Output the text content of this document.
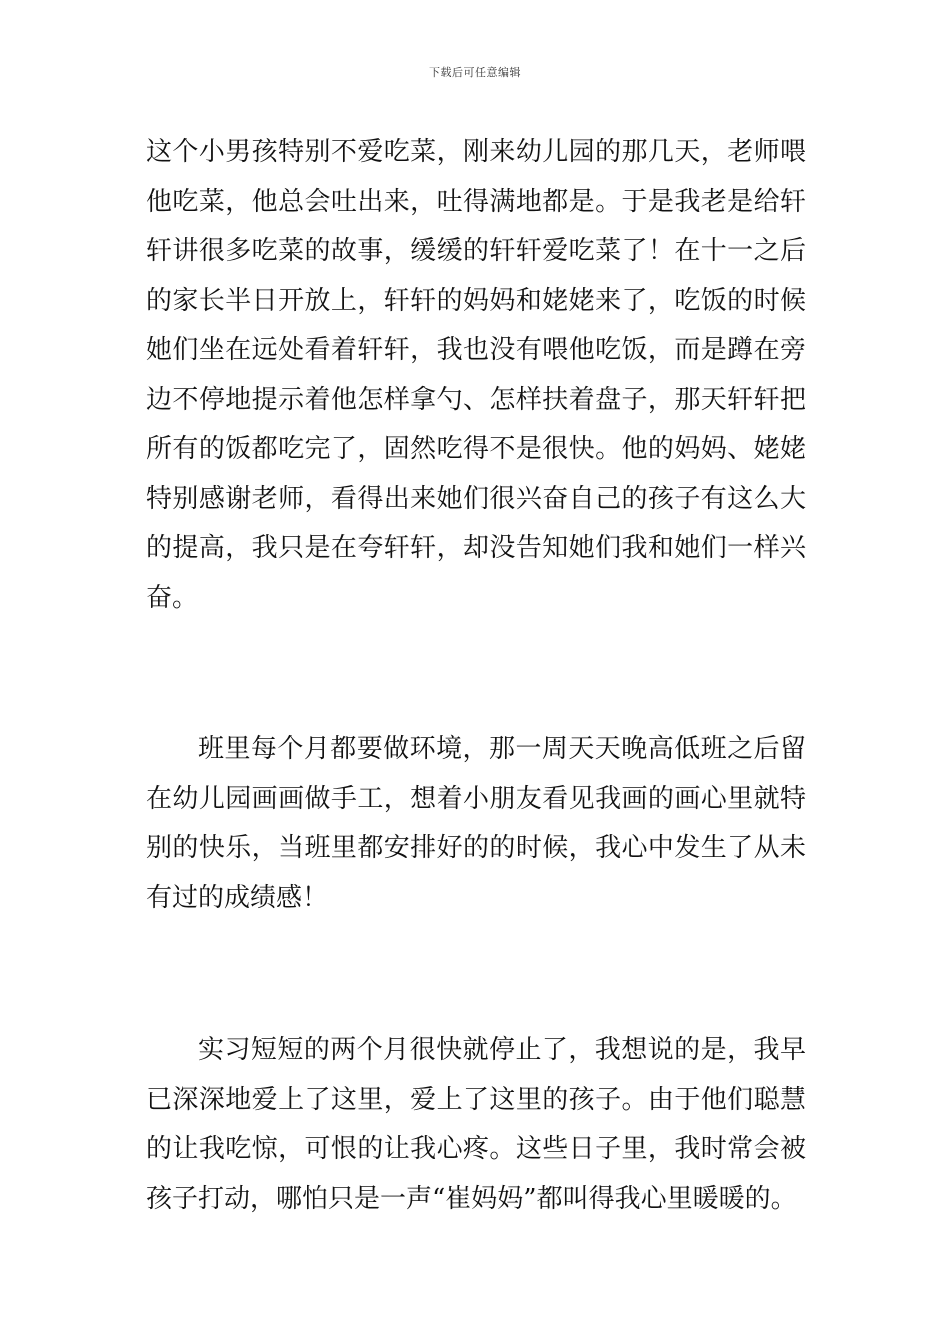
下载后可任意编辑

这个小男孩特别不爱吃菜，刚来幼儿园的那几天，老师喂他吃菜，他总会吐出来，吐得满地都是。于是我老是给轩轩讲很多吃菜的故事，缓缓的轩轩爱吃菜了！在十一之后的家长半日开放上，轩轩的妈妈和姥姥来了，吃饭的时候她们坐在远处看着轩轩，我也没有喂他吃饭，而是蹲在旁边不停地提示着他怎样拿勺、怎样扶着盘子，那天轩轩把所有的饭都吃完了，固然吃得不是很快。他的妈妈、姥姥特别感谢老师，看得出来她们很兴奋自己的孩子有这么大的提高，我只是在夸轩轩，却没告知她们我和她们一样兴奋。

班里每个月都要做环境，那一周天天晚高低班之后留在幼儿园画画做手工，想着小朋友看见我画的画心里就特别的快乐，当班里都安排好的的时候，我心中发生了从未有过的成绩感！

实习短短的两个月很快就停止了，我想说的是，我早已深深地爱上了这里，爱上了这里的孩子。由于他们聪慧的让我吃惊，可恨的让我心疼。这些日子里，我时常会被孩子打动，哪怕只是一声“崔妈妈”都叫得我心里暖暖的。
